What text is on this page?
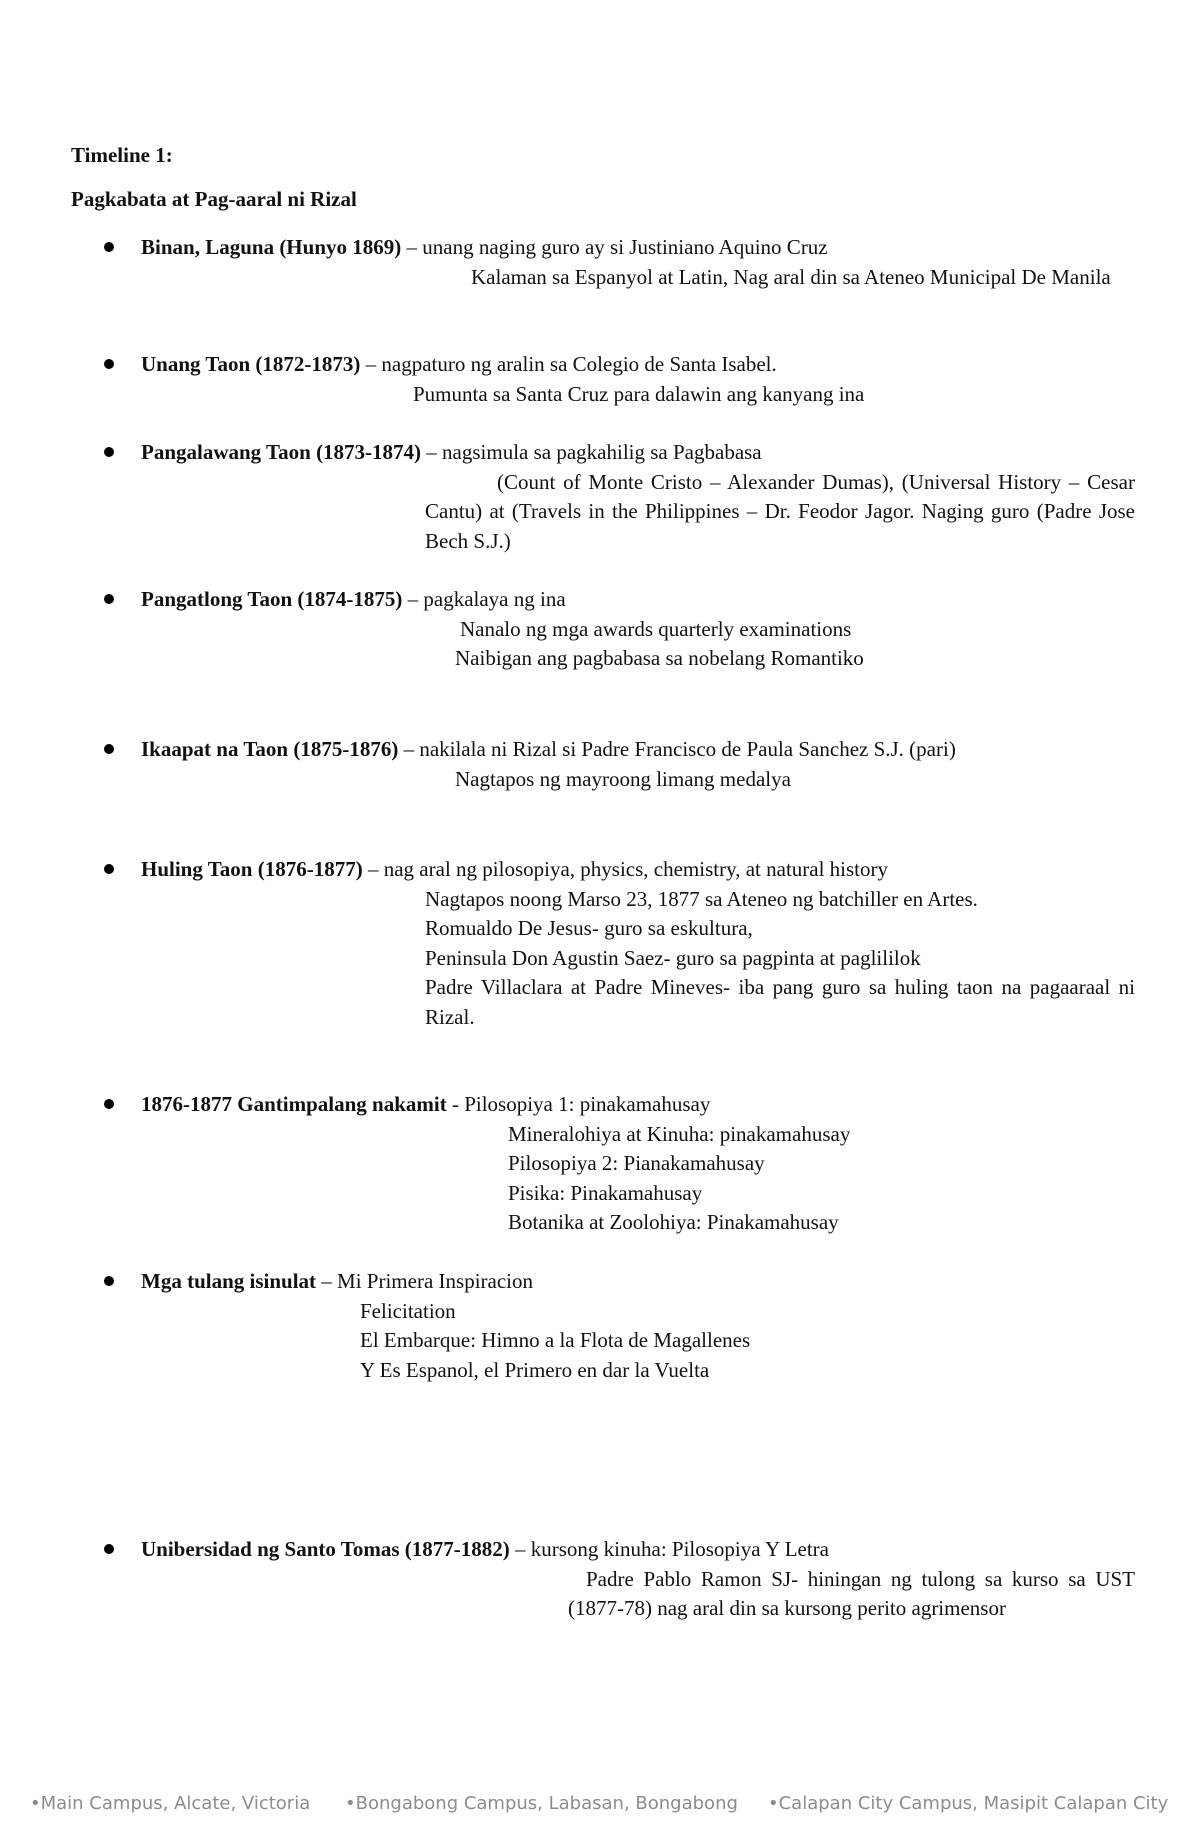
Timeline 1:
Pagkabata at Pag-aaral ni Rizal
Binan, Laguna (Hunyo 1869) – unang naging guro ay si Justiniano Aquino Cruz
Kalaman sa Espanyol at Latin, Nag aral din sa Ateneo Municipal De Manila
Unang Taon (1872-1873) – nagpaturo ng aralin sa Colegio de Santa Isabel.
Pumunta sa Santa Cruz para dalawin ang kanyang ina
Pangalawang Taon (1873-1874) – nagsimula sa pagkahilig sa Pagbabasa
(Count of Monte Cristo – Alexander Dumas), (Universal History – Cesar Cantu) at (Travels in the Philippines – Dr. Feodor Jagor. Naging guro (Padre Jose Bech S.J.)
Pangatlong Taon (1874-1875) – pagkalaya ng ina
Nanalo ng mga awards quarterly examinations
Naibigan ang pagbabasa sa nobelang Romantiko
Ikaapat na Taon (1875-1876) – nakilala ni Rizal si Padre Francisco de Paula Sanchez S.J. (pari)
Nagtapos ng mayroong limang medalya
Huling Taon (1876-1877) – nag aral ng pilosopiya, physics, chemistry, at natural history
Nagtapos noong Marso 23, 1877 sa Ateneo ng batchiller en Artes.
Romualdo De Jesus- guro sa eskultura,
Peninsula Don Agustin Saez- guro sa pagpinta at paglililok
Padre Villaclara at Padre Mineves- iba pang guro sa huling taon na pagaaraal ni Rizal.
1876-1877 Gantimpalang nakamit - Pilosopiya 1: pinakamahusay
Mineralohiya at Kinuha: pinakamahusay
Pilosopiya 2: Pianakamahusay
Pisika: Pinakamahusay
Botanika at Zoolohiya: Pinakamahusay
Mga tulang isinulat – Mi Primera Inspiracion
Felicitation
El Embarque: Himno a la Flota de Magallenes
Y Es Espanol, el Primero en dar la Vuelta
Unibersidad ng Santo Tomas (1877-1882) – kursong kinuha: Pilosopiya Y Letra
Padre Pablo Ramon SJ- hiningan ng tulong sa kurso sa UST (1877-78) nag aral din sa kursong perito agrimensor
•Main Campus, Alcate, Victoria •Bongabong Campus, Labasan, Bongabong •Calapan City Campus, Masipit Calapan City
